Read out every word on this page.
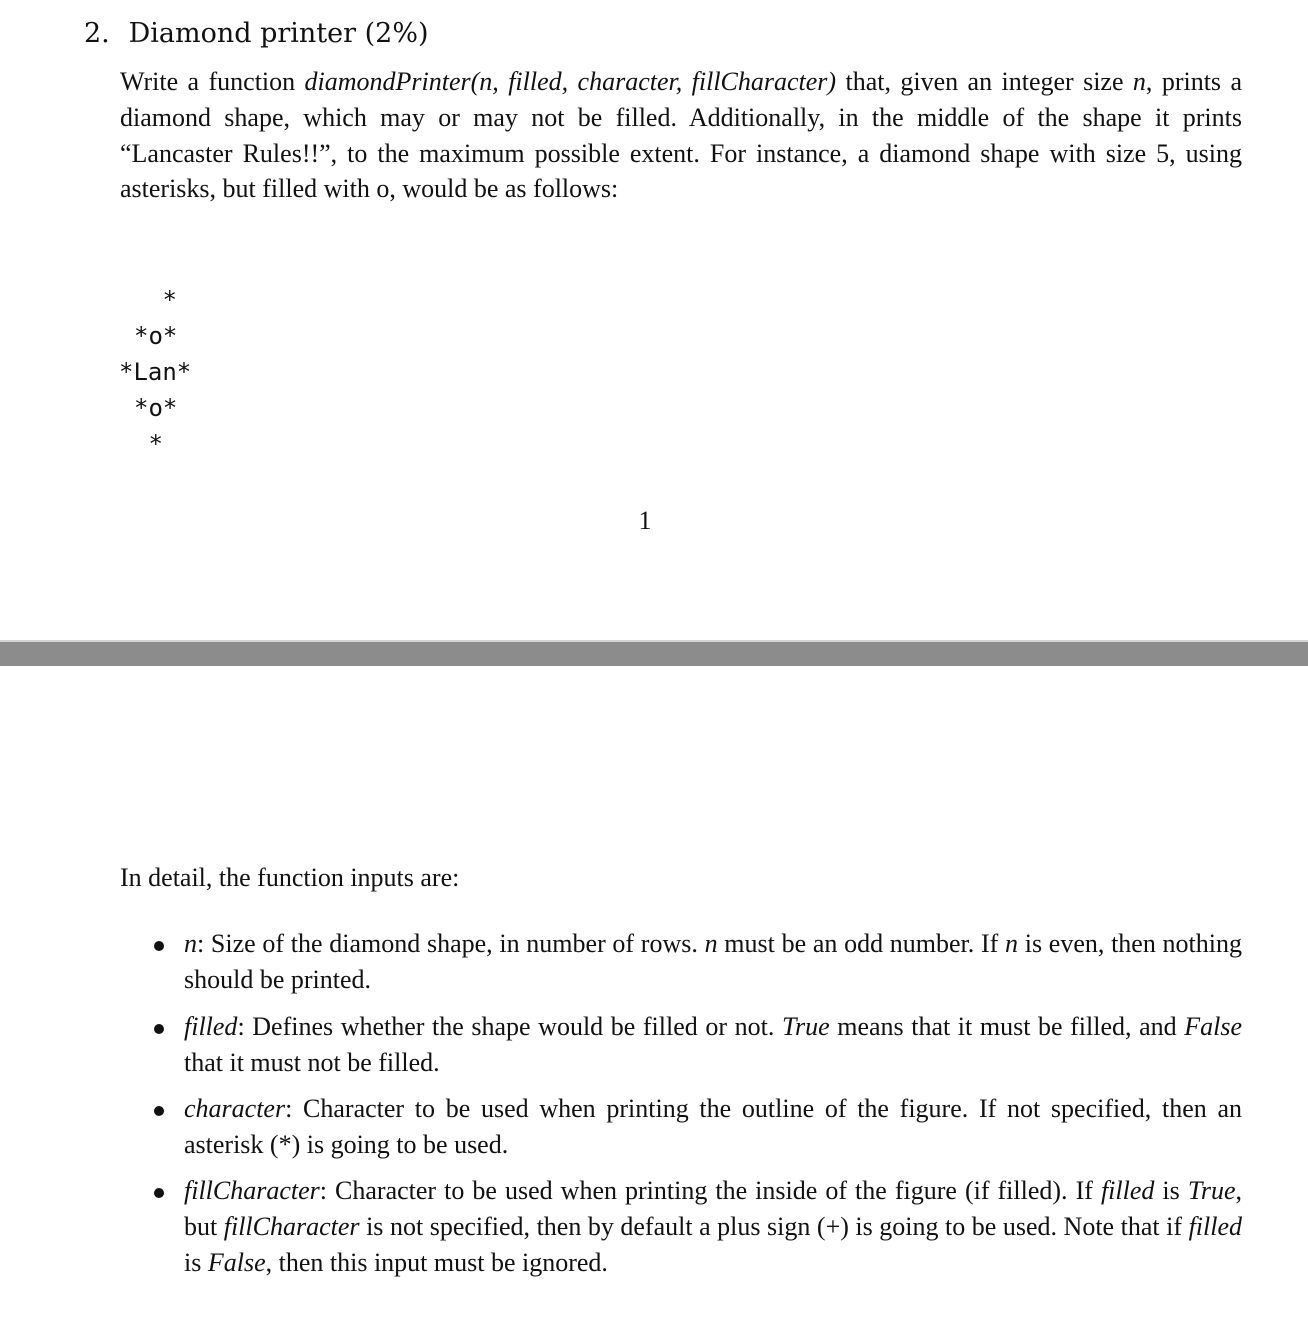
2. Diamond printer (2%)
Write a function diamondPrinter(n, filled, character, fillCharacter) that, given an integer size n, prints a diamond shape, which may or may not be filled. Additionally, in the middle of the shape it prints “Lancaster Rules!!”, to the maximum possible extent. For instance, a diamond shape with size 5, using asterisks, but filled with o, would be as follows:
*
*o*
*Lan*
*o*
*
1
In detail, the function inputs are:
n: Size of the diamond shape, in number of rows. n must be an odd number. If n is even, then nothing should be printed.
filled: Defines whether the shape would be filled or not. True means that it must be filled, and False that it must not be filled.
character: Character to be used when printing the outline of the figure. If not specified, then an asterisk (*) is going to be used.
fillCharacter: Character to be used when printing the inside of the figure (if filled). If filled is True, but fillCharacter is not specified, then by default a plus sign (+) is going to be used. Note that if filled is False, then this input must be ignored.
